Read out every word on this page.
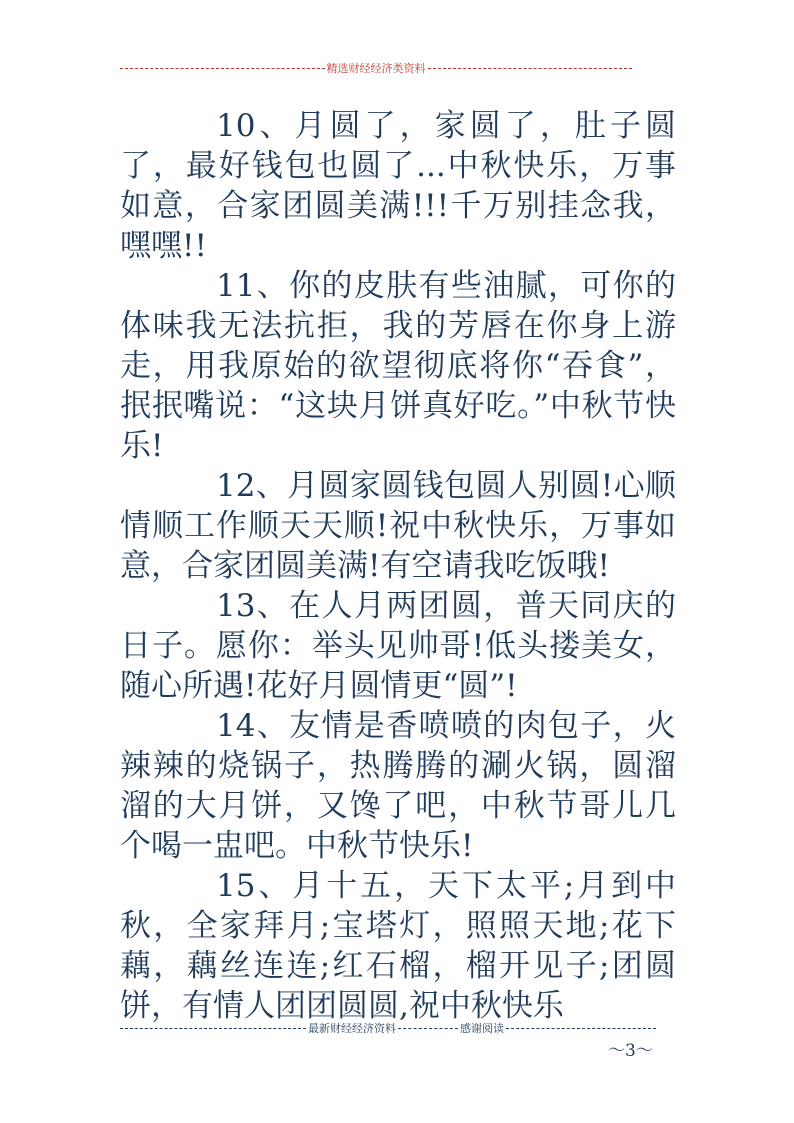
精选财经经济类资料

10、月圆了，家圆了，肚子圆了，最好钱包也圆了...中秋快乐，万事如意，合家团圆美满!!!千万别挂念我，嘿嘿!!

11、你的皮肤有些油腻，可你的体味我无法抗拒，我的芳唇在你身上游走，用我原始的欲望彻底将你“吞食”，抿抿嘴说：“这块月饼真好吃。”中秋节快乐!

12、月圆家圆钱包圆人别圆!心顺情顺工作顺天天顺!祝中秋快乐，万事如意，合家团圆美满!有空请我吃饭哦!

13、在人月两团圆，普天同庆的日子。愿你：举头见帅哥!低头搂美女，随心所遇!花好月圆情更“圆”!

14、友情是香喷喷的肉包子，火辣辣的烧锅子，热腾腾的涮火锅，圆溜溜的大月饼，又馋了吧，中秋节哥儿几个喝一盅吧。中秋节快乐!

15、月十五，天下太平;月到中秋，全家拜月;宝塔灯，照照天地;花下藕，藕丝连连;红石榴，榴开见子;团圆饼，有情人团团圆圆,祝中秋快乐

最新财经经济资料	感谢阅读
～3～
